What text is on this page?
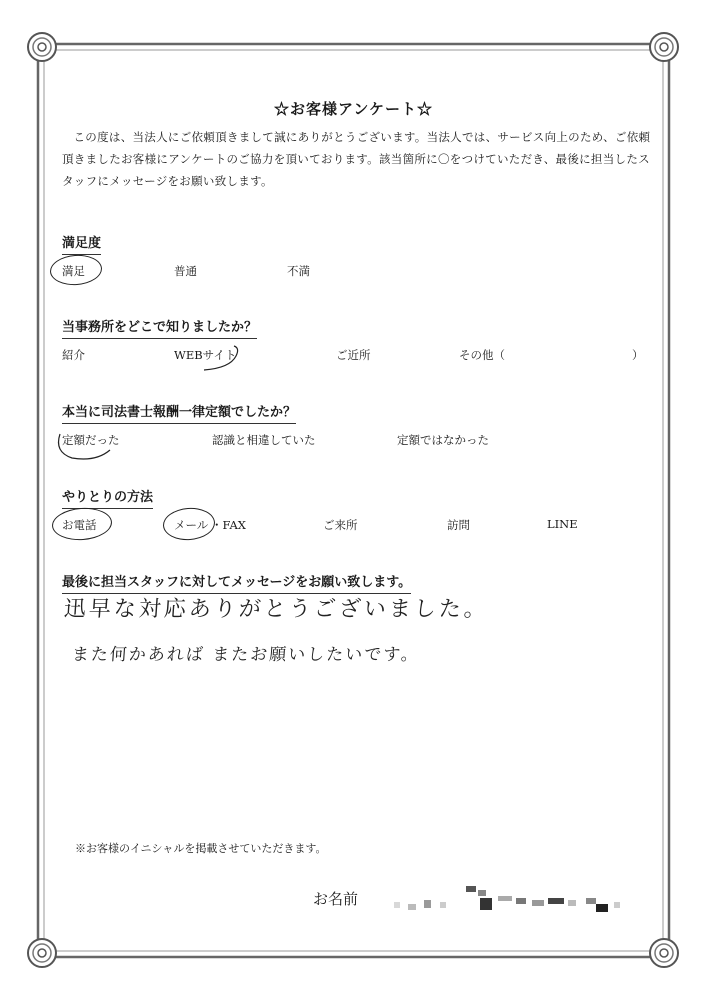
☆お客様アンケート☆
この度は、当法人にご依頼頂きまして誠にありがとうございます。当法人では、サービス向上のため、ご依頼頂きましたお客様にアンケートのご協力を頂いております。該当箇所に〇をつけていただき、最後に担当したスタッフにメッセージをお願い致します。
満足度
満足	普通	不満
当事務所をどこで知りましたか？
紹介	WEBサイト	ご近所	その他（	）
本当に司法書士報酬一律定額でしたか？
定額だった	認識と相違していた	定額ではなかった
やりとりの方法
お電話	メール ・FAX	ご来所	訪問	LINE
最後に担当スタッフに対してメッセージをお願い致します。
迅早な対応ありがとうございました。
また何かあれば またお願いしたいです。
※お客様のイニシャルを掲載させていただきます。
お名前
